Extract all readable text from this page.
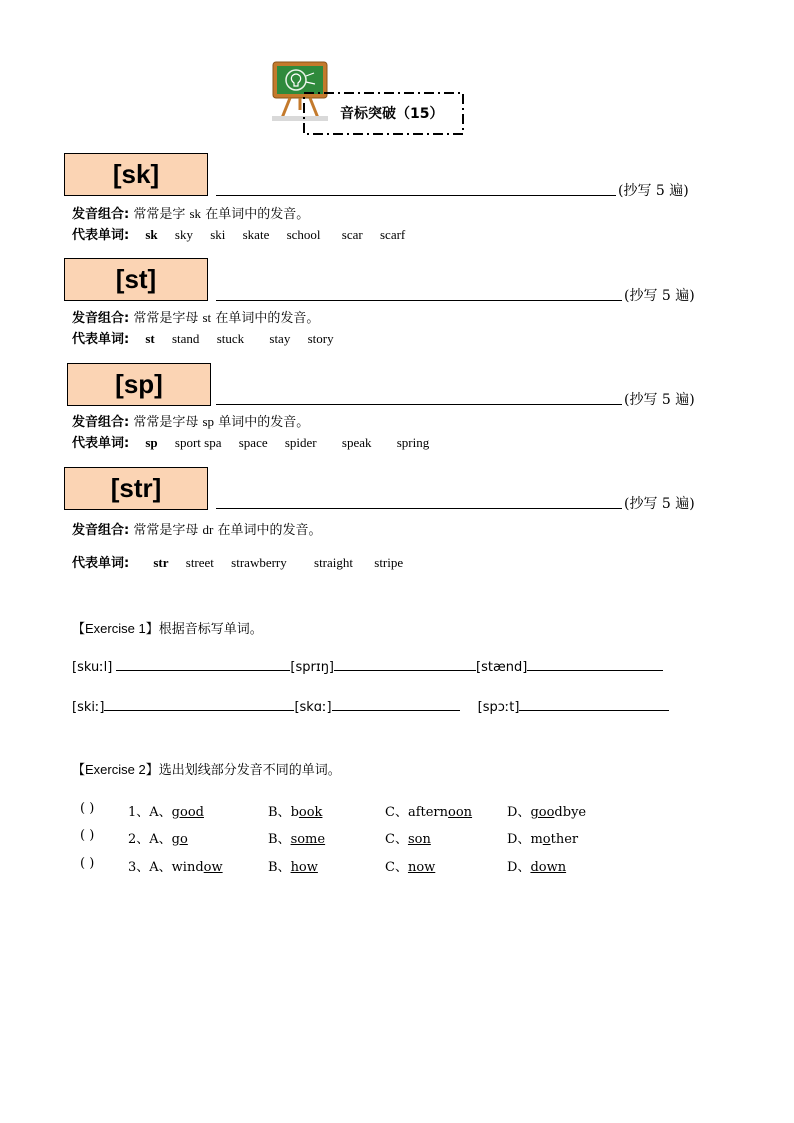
音标突破（15）
[sk]
(抄写 5 遍)
发音组合: 常常是字 sk 在单词中的发音。
代表单词: sk sky ski skate school scar scarf
[st]
(抄写 5 遍)
发音组合: 常常是字母 st 在单词中的发音。
代表单词: st stand stuck stay story
[sp]
(抄写 5 遍)
发音组合: 常常是字母 sp 单词中的发音。
代表单词: sp sport spa space spider speak spring
[str]
(抄写 5 遍)
发音组合: 常常是字母 dr 在单词中的发音。
代表单词: str street strawberry straight stripe
【Exercise 1】根据音标写单词。
[skuːl]	[sprɪŋ]	[stænd]
[skiː]	[skɑː]	[spɔːt]
【Exercise 2】选出划线部分发音不同的单词。
( )	1、A、good	B、book	C、afternoon	D、goodbye
( )	2、A、go	B、some	C、son	D、mother
( )	3、A、window	B、how	C、now	D、down
